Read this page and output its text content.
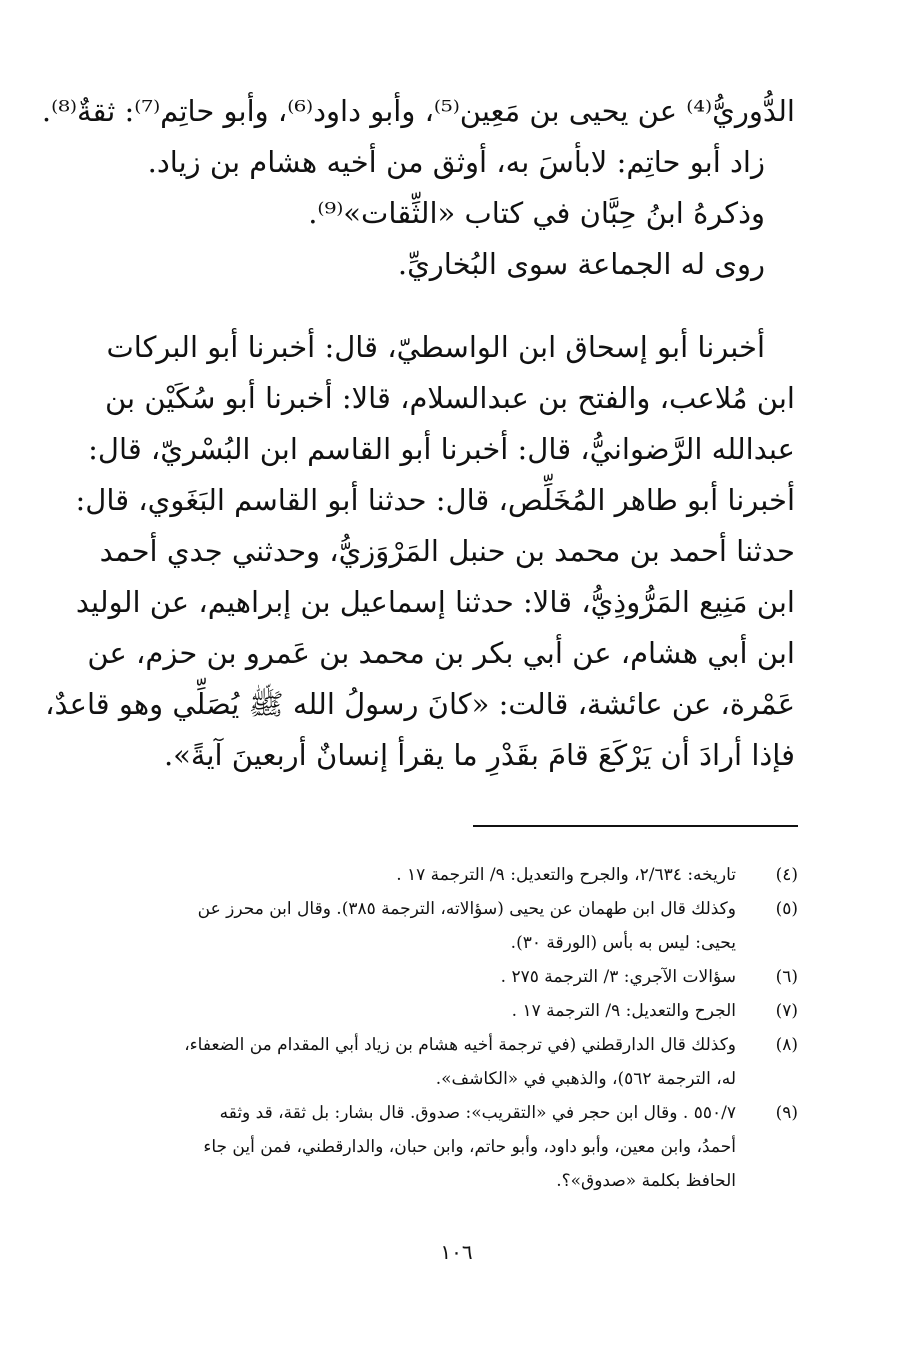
الدُّوريُّ⁽⁴⁾ عن يحيى بن مَعِين⁽⁵⁾، وأبو داود⁽⁶⁾، وأبو حاتِم⁽⁷⁾: ثقةٌ⁽⁸⁾.
زاد أبو حاتِم: لابأسَ به، أوثق من أخيه هشام بن زياد.
وذكرهُ ابنُ حِبَّان في كتاب «الثِّقات»⁽⁹⁾.
روى له الجماعة سوى البُخاريِّ.
أخبرنا أبو إسحاق ابن الواسطيّ، قال: أخبرنا أبو البركات
ابن مُلاعب، والفتح بن عبدالسلام، قالا: أخبرنا أبو سُكَيْن بن
عبدالله الرَّضوانيُّ، قال: أخبرنا أبو القاسم ابن البُسْريّ، قال:
أخبرنا أبو طاهر المُخَلِّص، قال: حدثنا أبو القاسم البَغَوي، قال:
حدثنا أحمد بن محمد بن حنبل المَرْوَزيُّ، وحدثني جدي أحمد
ابن مَنِيع المَرُّوذِيُّ، قالا: حدثنا إسماعيل بن إبراهيم، عن الوليد
ابن أبي هشام، عن أبي بكر بن محمد بن عَمرو بن حزم، عن
عَمْرة، عن عائشة، قالت: «كانَ رسولُ الله ﷺ يُصَلِّي وهو قاعدٌ،
فإذا أرادَ أن يَرْكَعَ قامَ بقَدْرِ ما يقرأ إنسانٌ أربعينَ آيةً».
(٤)
تاريخه: ٢/٦٣٤، والجرح والتعديل: ٩/ الترجمة ١٧ .
(٥)
وكذلك قال ابن طهمان عن يحيى (سؤالاته، الترجمة ٣٨٥). وقال ابن محرز عن
يحيى: ليس به بأس (الورقة ٣٠).
(٦)
سؤالات الآجري: ٣/ الترجمة ٢٧٥ .
(٧)
الجرح والتعديل: ٩/ الترجمة ١٧ .
(٨)
وكذلك قال الدارقطني (في ترجمة أخيه هشام بن زياد أبي المقدام من الضعفاء،
له، الترجمة ٥٦٢)، والذهبي في «الكاشف».
(٩)
٥٥٠/٧ . وقال ابن حجر في «التقريب»: صدوق. قال بشار: بل ثقة، قد وثقه
أحمدُ، وابن معين، وأبو داود، وأبو حاتم، وابن حبان، والدارقطني، فمن أين جاء
الحافظ بكلمة «صدوق»؟.
١٠٦
